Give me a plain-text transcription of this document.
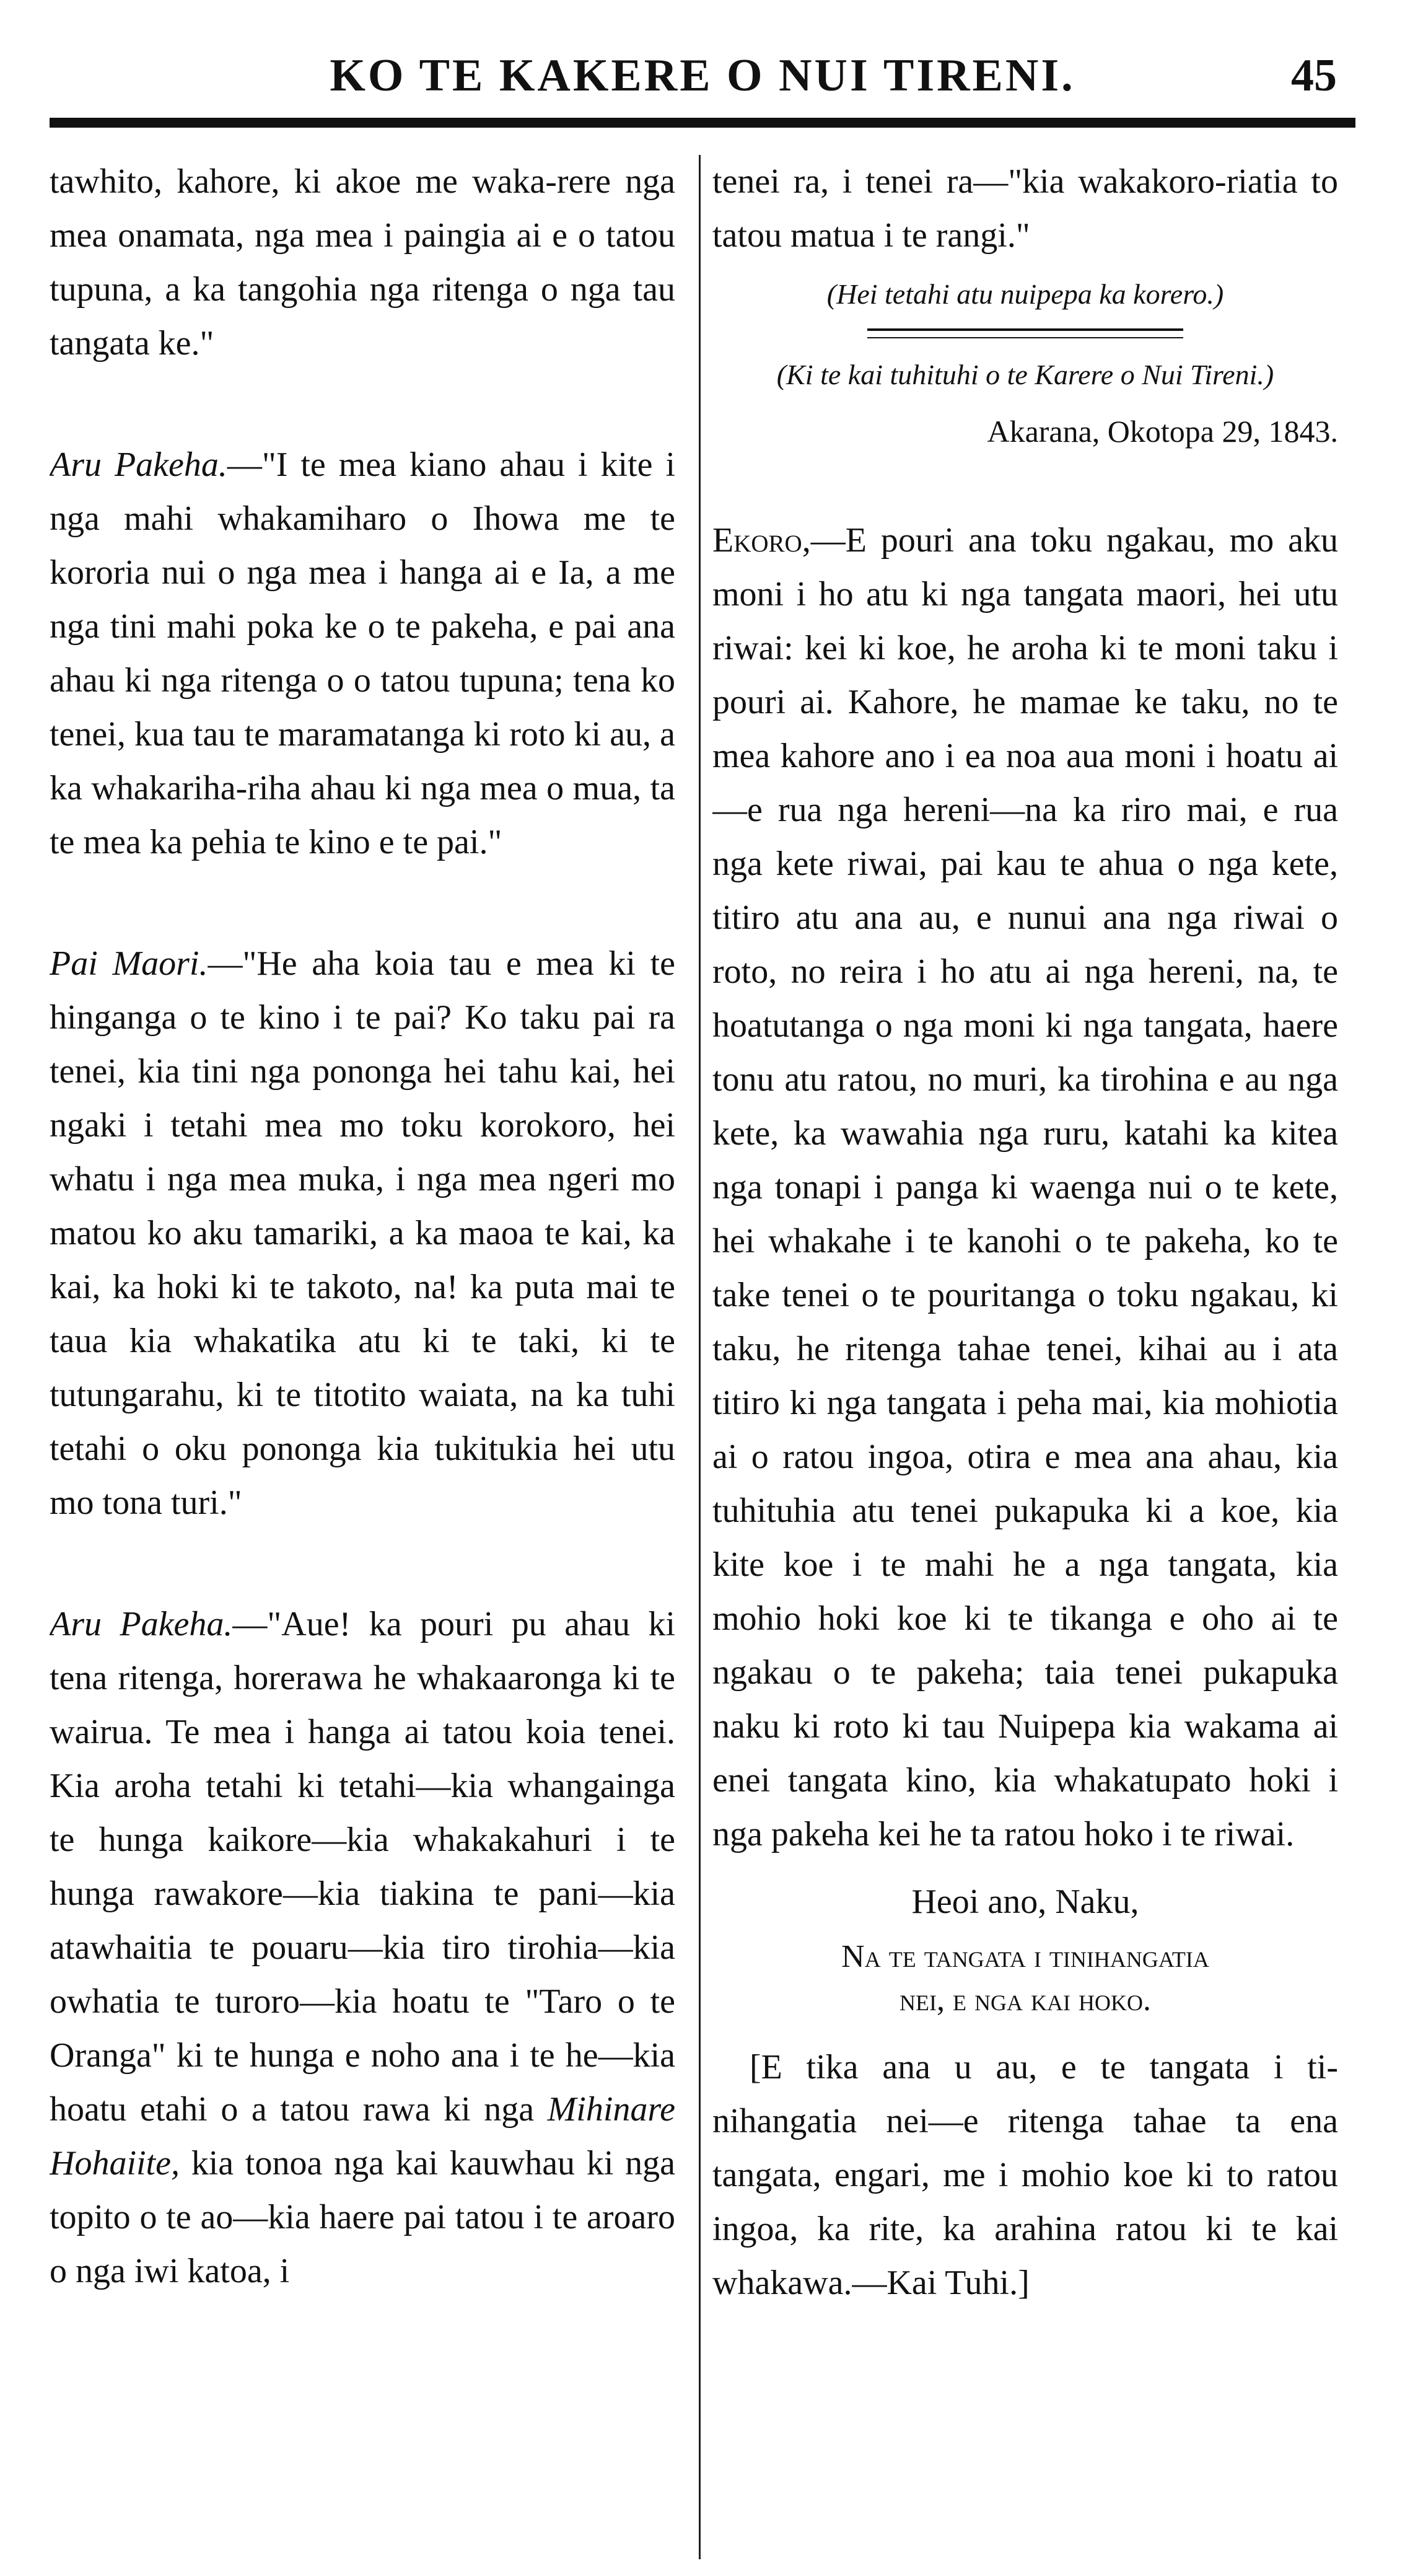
KO TE KAKERE O NUI TIRENI.	45

tawhito, kahore, ki akoe me waka-rere nga mea onamata, nga mea i paingia ai e o tatou tupuna, a ka tangohia nga ritenga o nga tau tangata ke."

Aru Pakeha.—"I te mea kiano ahau i kite i nga mahi whakamiharo o Ihowa me te kororia nui o nga mea i hanga ai e Ia, a me nga tini mahi poka ke o te pakeha, e pai ana ahau ki nga ritenga o o tatou tupuna; tena ko tenei, kua tau te maramatanga ki roto ki au, a ka whakariha-riha ahau ki nga mea o mua, ta te mea ka pehia te kino e te pai."

Pai Maori.—"He aha koia tau e mea ki te hinganga o te kino i te pai? Ko taku pai ra tenei, kia tini nga pononga hei tahu kai, hei ngaki i tetahi mea mo toku korokoro, hei whatu i nga mea muka, i nga mea ngeri mo matou ko aku tamariki, a ka maoa te kai, ka kai, ka hoki ki te takoto, na! ka puta mai te taua kia whakatika atu ki te taki, ki te tutungarahu, ki te titotito waiata, na ka tuhi tetahi o oku pononga kia tukitukia hei utu mo tona turi."

Aru Pakeha.—"Aue! ka pouri pu ahau ki tena ritenga, horerawa he whakaaronga ki te wairua. Te mea i hanga ai tatou koia tenei. Kia aroha tetahi ki tetahi—kia whangainga te hunga kaikore—kia whakakahuri i te hunga rawakore—kia tiakina te pani—kia atawhaitia te pouaru—kia tiro tirohia—kia owhatia te turoro—kia hoatu te "Taro o te Oranga" ki te hunga e noho ana i te he—kia hoatu etahi o a tatou rawa ki nga Mihinare Hohaiite, kia tonoa nga kai kauwhau ki nga topito o te ao—kia haere pai tatou i te aroaro o nga iwi katoa, i

tenei ra, i tenei ra—"kia wakakoro-riatia to tatou matua i te rangi."

(Hei tetahi atu nuipepa ka korero.)

(Ki te kai tuhituhi o te Karere o Nui Tireni.)

Akarana, Okotopa 29, 1843.

Ekoro,—E pouri ana toku ngakau, mo aku moni i ho atu ki nga tangata maori, hei utu riwai: kei ki koe, he aroha ki te moni taku i pouri ai. Kahore, he mamae ke taku, no te mea kahore ano i ea noa aua moni i hoatu ai—e rua nga hereni—na ka riro mai, e rua nga kete riwai, pai kau te ahua o nga kete, titiro atu ana au, e nunui ana nga riwai o roto, no reira i ho atu ai nga hereni, na, te hoatutanga o nga moni ki nga tangata, haere tonu atu ratou, no muri, ka tirohina e au nga kete, ka wawahia nga ruru, katahi ka kitea nga tonapi i panga ki waenga nui o te kete, hei whakahe i te kanohi o te pakeha, ko te take tenei o te pouritanga o toku ngakau, ki taku, he ritenga tahae tenei, kihai au i ata titiro ki nga tangata i peha mai, kia mohiotia ai o ratou ingoa, otira e mea ana ahau, kia tuhituhia atu tenei pukapuka ki a koe, kia kite koe i te mahi he a nga tangata, kia mohio hoki koe ki te tikanga e oho ai te ngakau o te pakeha; taia tenei pukapuka naku ki roto ki tau Nuipepa kia wakama ai enei tangata kino, kia whakatupato hoki i nga pakeha kei he ta ratou hoko i te riwai.

Heoi ano, Naku,

Na te tangata i tinihangatia
nei, e nga kai hoko.

[E tika ana u au, e te tangata i ti-nihangatia nei—e ritenga tahae ta ena tangata, engari, me i mohio koe ki to ratou ingoa, ka rite, ka arahina ratou ki te kai whakawa.—Kai Tuhi.]
